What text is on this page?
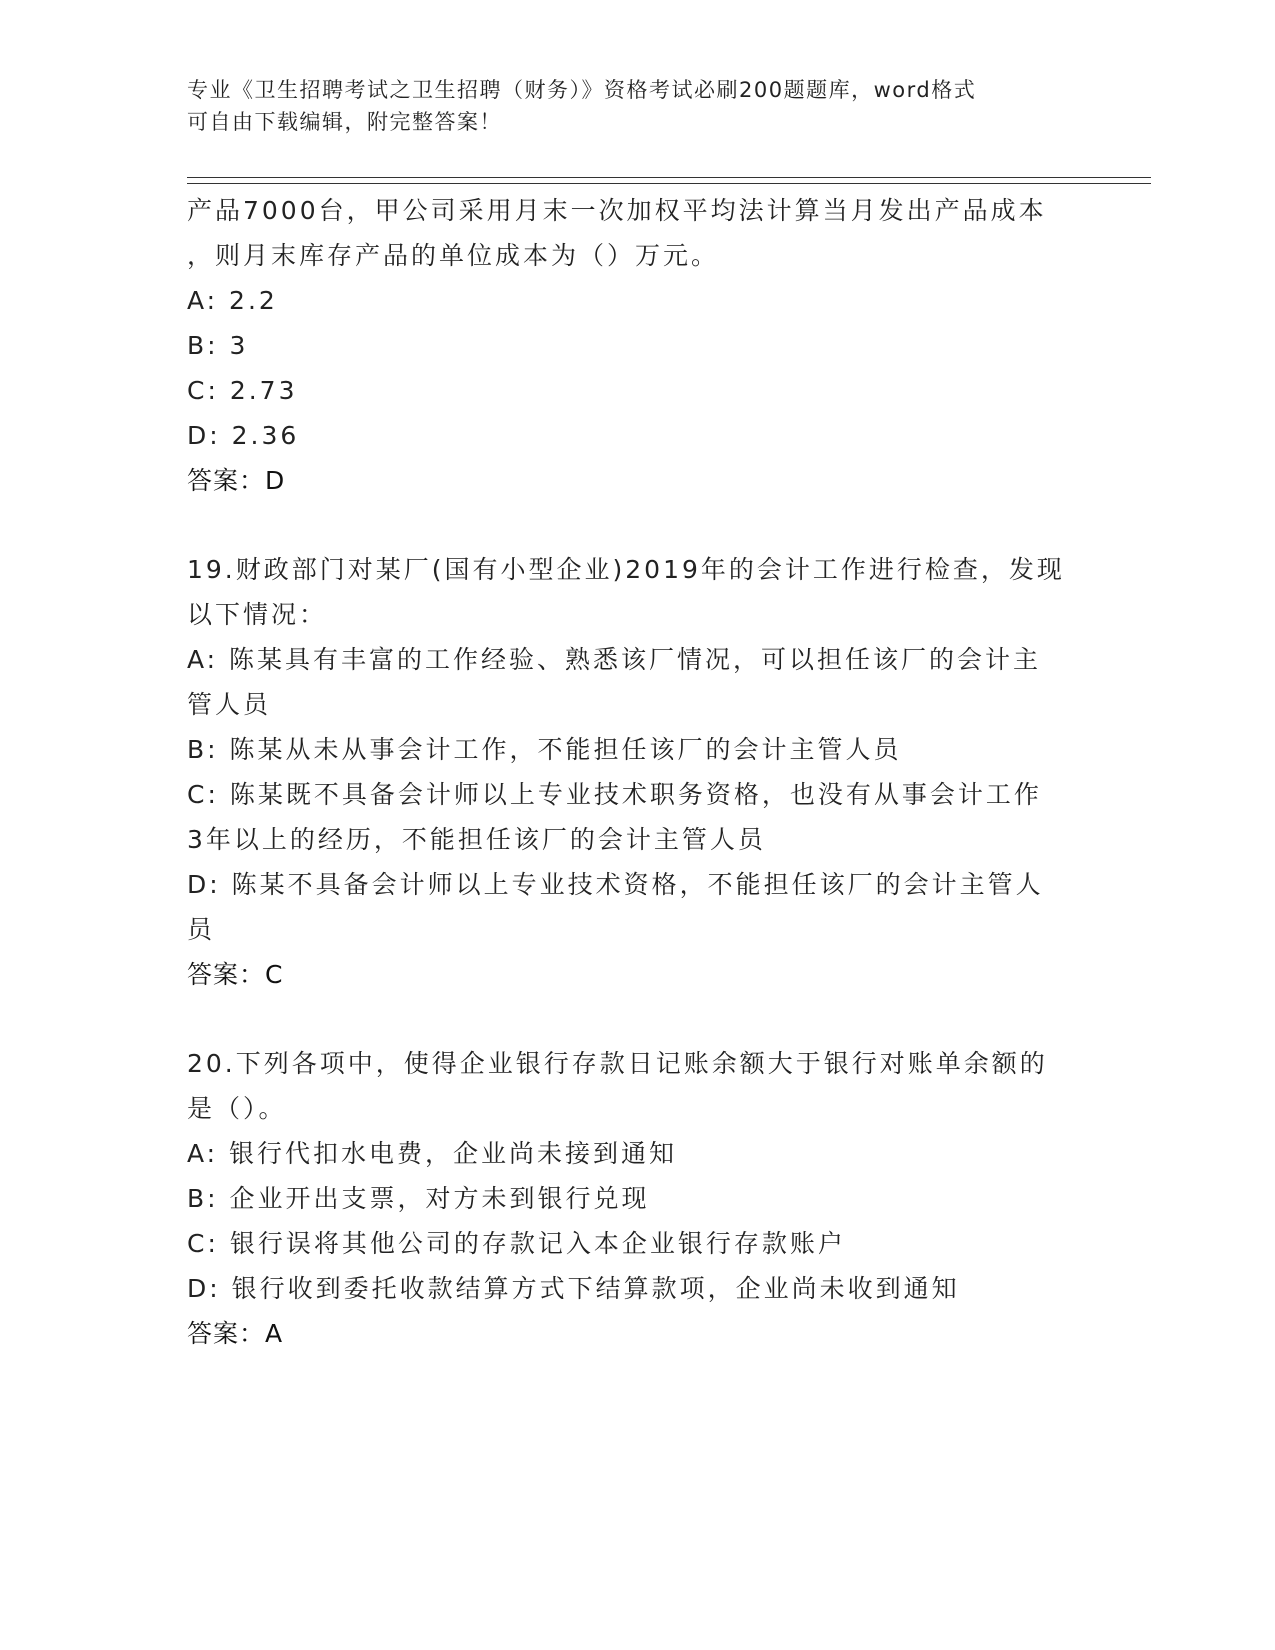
专业《卫生招聘考试之卫生招聘（财务）》资格考试必刷200题题库，word格式
可自由下载编辑，附完整答案！
产品7000台，甲公司采用月末一次加权平均法计算当月发出产品成本
，则月末库存产品的单位成本为（）万元。
A: 2.2
B: 3
C: 2.73
D: 2.36
答案：D
19.财政部门对某厂(国有小型企业)2019年的会计工作进行检查，发现
以下情况：
A: 陈某具有丰富的工作经验、熟悉该厂情况，可以担任该厂的会计主
管人员
B: 陈某从未从事会计工作，不能担任该厂的会计主管人员
C: 陈某既不具备会计师以上专业技术职务资格，也没有从事会计工作
3年以上的经历，不能担任该厂的会计主管人员
D: 陈某不具备会计师以上专业技术资格，不能担任该厂的会计主管人
员
答案：C
20.下列各项中，使得企业银行存款日记账余额大于银行对账单余额的
是（）。
A: 银行代扣水电费，企业尚未接到通知
B: 企业开出支票，对方未到银行兑现
C: 银行误将其他公司的存款记入本企业银行存款账户
D: 银行收到委托收款结算方式下结算款项，企业尚未收到通知
答案：A
